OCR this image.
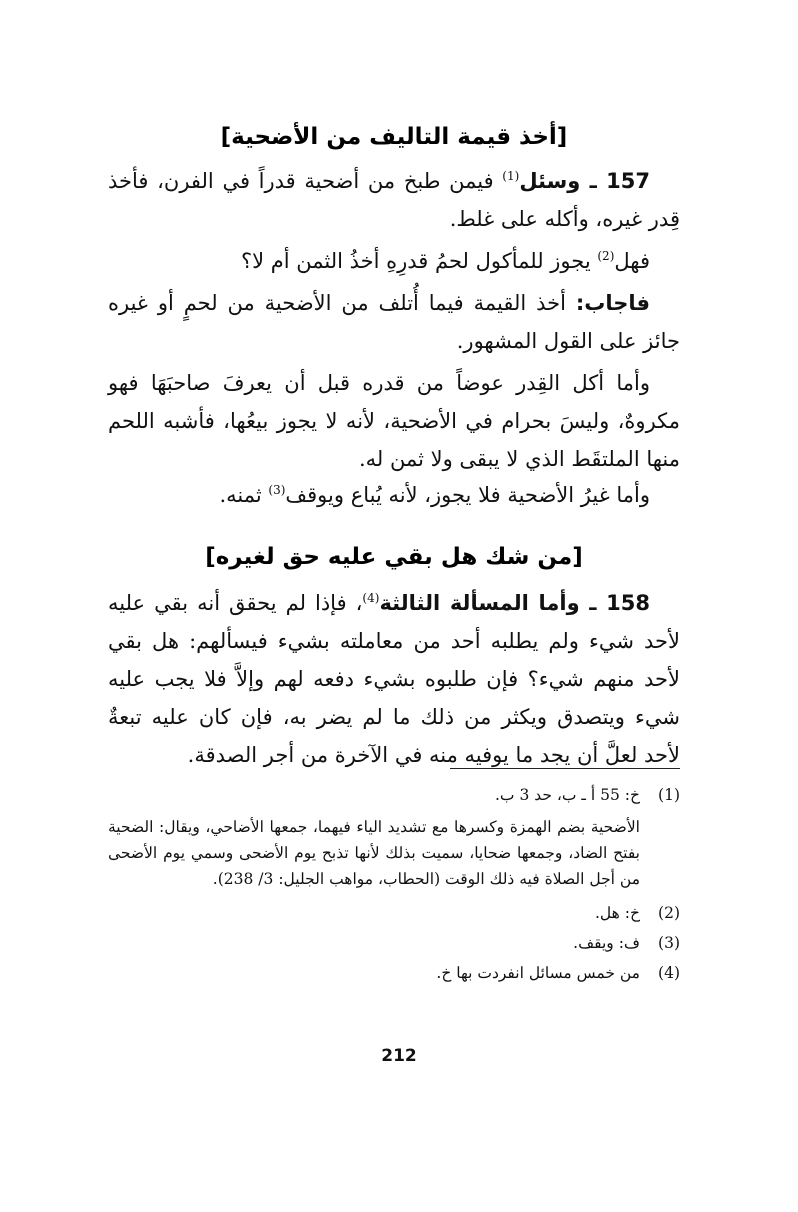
[أخذ قيمة التاليف من الأضحية]
157 ـ وسئل$^{(1)}$ فيمن طبخ من أضحية قدراً في الفرن، فأخذ قِدر غيره، وأكله على غلط.
فهل$^{(2)}$ يجوز للمأكول لحمُ قدرِهِ أخذُ الثمن أم لا؟
فاجاب: أخذ القيمة فيما أُتلف من الأضحية من لحمٍ أو غيره جائز على القول المشهور.
وأما أكل القِدر عوضاً من قدره قبل أن يعرفَ صاحبَهَا فهو مكروهٌ، وليسَ بحرام في الأضحية، لأنه لا يجوز بيعُها، فأشبه اللحم منها الملتقَط الذي لا يبقى ولا ثمن له.
وأما غيرُ الأضحية فلا يجوز، لأنه يُباع ويوقف$^{(3)}$ ثمنه.
[من شك هل بقي عليه حق لغيره]
158 ـ وأما المسألة الثالثة$^{(4)}$، فإذا لم يحقق أنه بقي عليه لأحد شيء ولم يطلبه أحد من معاملته بشيء فيسألهم: هل بقي لأحد منهم شيء؟ فإن طلبوه بشيء دفعه لهم وإلاَّ فلا يجب عليه شيء ويتصدق ويكثر من ذلك ما لم يضر به، فإن كان عليه تبعةٌ لأحد لعلَّ أن يجد ما يوفيه منه في الآخرة من أجر الصدقة.
(1)
خ: 55 أ ـ ب، حد 3 ب.
الأضحية بضم الهمزة وكسرها مع تشديد الياء فيهما، جمعها الأضاحي، ويقال: الضحية بفتح الضاد، وجمعها ضحايا، سميت بذلك لأنها تذبح يوم الأضحى وسمي يوم الأضحى من أجل الصلاة فيه ذلك الوقت (الحطاب، مواهب الجليل: 3/ 238).
(2)
خ: هل.
(3)
ف: ويقف.
(4)
من خمس مسائل انفردت بها خ.
212
